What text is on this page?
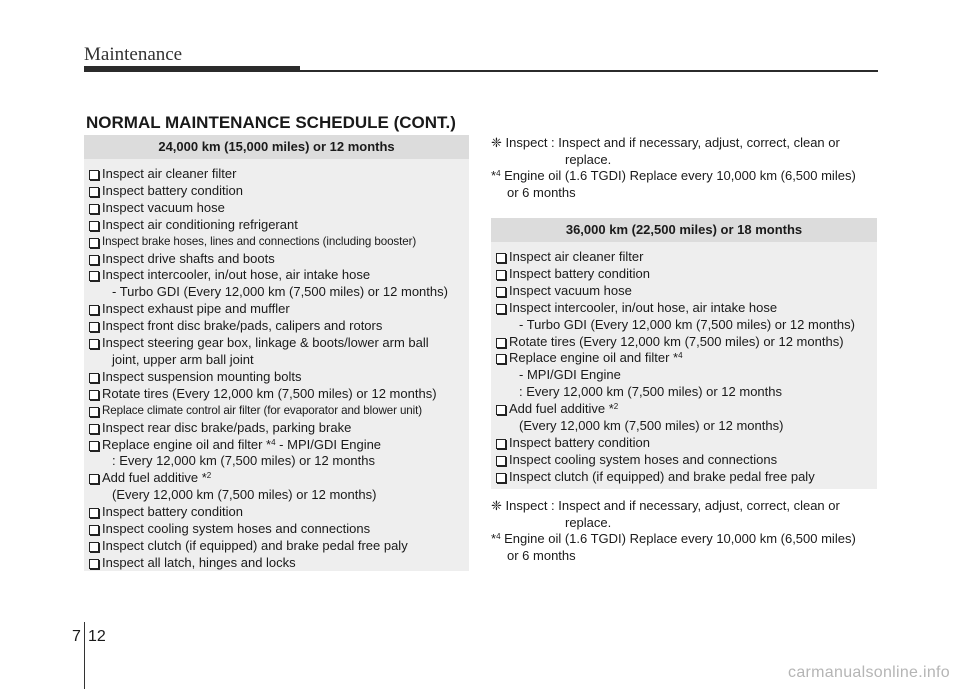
Maintenance
NORMAL MAINTENANCE SCHEDULE (CONT.)
24,000 km (15,000 miles) or 12 months
Inspect air cleaner filter
Inspect battery condition
Inspect vacuum hose
Inspect air conditioning refrigerant
Inspect brake hoses, lines and connections (including booster)
Inspect drive shafts and boots
Inspect intercooler, in/out hose, air intake hose
- Turbo GDI (Every 12,000 km (7,500 miles) or 12 months)
Inspect exhaust pipe and muffler
Inspect front disc brake/pads, calipers and rotors
Inspect steering gear box, linkage & boots/lower arm ball
joint, upper arm ball joint
Inspect suspension mounting bolts
Rotate tires (Every 12,000 km (7,500 miles) or 12 months)
Replace climate control air filter (for evaporator and blower unit)
Inspect rear disc brake/pads, parking brake
Replace engine oil and filter *$^4$ - MPI/GDI Engine
: Every 12,000 km (7,500 miles) or 12 months
Add fuel additive *$^2$
(Every 12,000 km (7,500 miles) or 12 months)
Inspect battery condition
Inspect cooling system hoses and connections
Inspect clutch (if equipped) and brake pedal free paly
Inspect all latch, hinges and locks
❈ Inspect : Inspect and if necessary, adjust, correct, clean or
replace.
*$^4$ Engine oil (1.6 TGDI) Replace every 10,000 km (6,500 miles)
or 6 months
36,000 km (22,500 miles) or 18 months
Inspect air cleaner filter
Inspect battery condition
Inspect vacuum hose
Inspect intercooler, in/out hose, air intake hose
- Turbo GDI (Every 12,000 km (7,500 miles) or 12 months)
Rotate tires (Every 12,000 km (7,500 miles) or 12 months)
Replace engine oil and filter *$^4$
- MPI/GDI Engine
: Every 12,000 km (7,500 miles) or 12 months
Add fuel additive *$^2$
(Every 12,000 km (7,500 miles) or 12 months)
Inspect battery condition
Inspect cooling system hoses and connections
Inspect clutch (if equipped) and brake pedal free paly
❈ Inspect : Inspect and if necessary, adjust, correct, clean or
replace.
*$^4$ Engine oil (1.6 TGDI) Replace every 10,000 km (6,500 miles)
or 6 months
7 12
carmanualsonline.info
